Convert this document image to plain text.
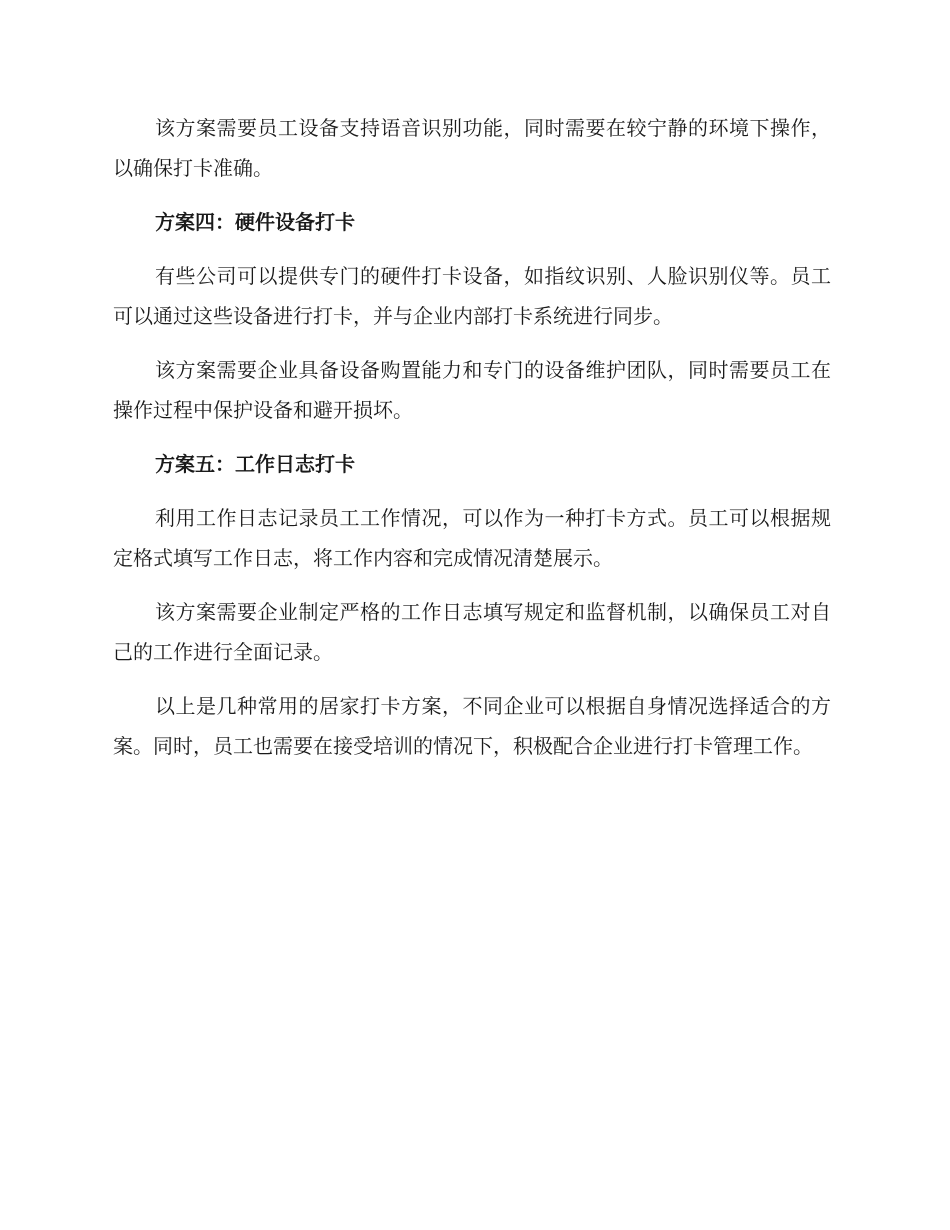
该方案需要员工设备支持语音识别功能，同时需要在较宁静的环境下操作，以确保打卡准确。

方案四：硬件设备打卡

有些公司可以提供专门的硬件打卡设备，如指纹识别、人脸识别仪等。员工可以通过这些设备进行打卡，并与企业内部打卡系统进行同步。

该方案需要企业具备设备购置能力和专门的设备维护团队，同时需要员工在操作过程中保护设备和避开损坏。

方案五：工作日志打卡

利用工作日志记录员工工作情况，可以作为一种打卡方式。员工可以根据规定格式填写工作日志，将工作内容和完成情况清楚展示。

该方案需要企业制定严格的工作日志填写规定和监督机制，以确保员工对自己的工作进行全面记录。

以上是几种常用的居家打卡方案，不同企业可以根据自身情况选择适合的方案。同时，员工也需要在接受培训的情况下，积极配合企业进行打卡管理工作。
